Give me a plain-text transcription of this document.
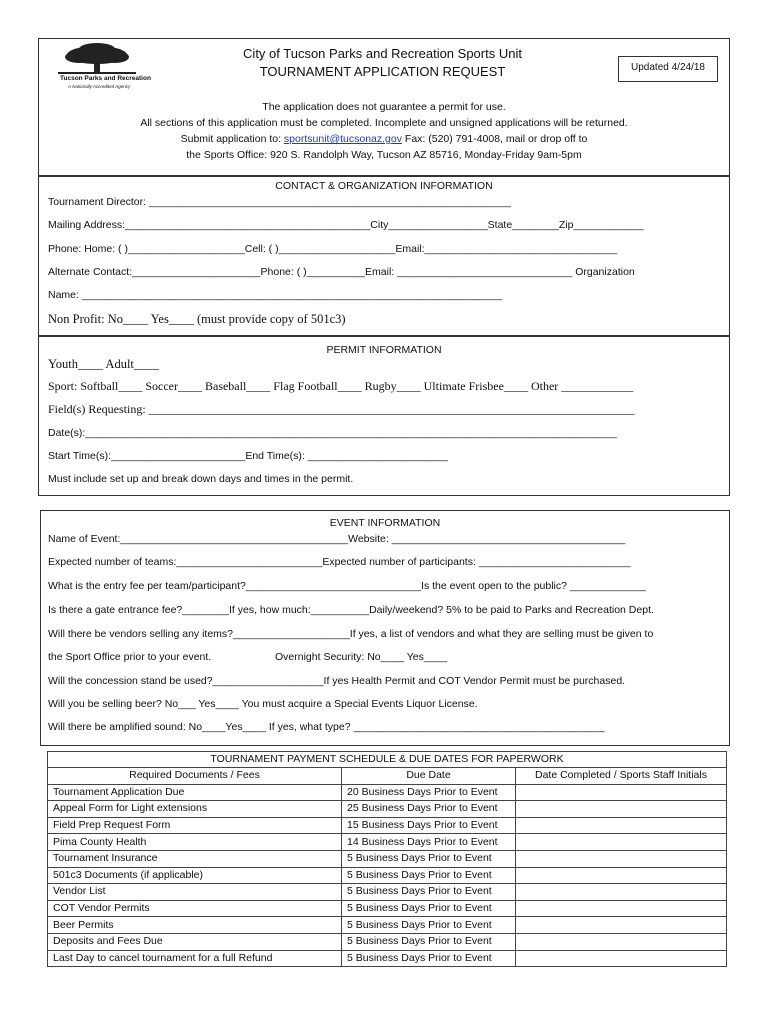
Tucson Parks and Recreation
A Nationally Accredited Agency
City of Tucson Parks and Recreation Sports Unit
TOURNAMENT APPLICATION REQUEST	Updated 4/24/18
The application does not guarantee a permit for use.
All sections of this application must be completed. Incomplete and unsigned applications will be returned.
Submit application to: sportsunit@tucsonaz.gov Fax: (520) 791-4008, mail or drop off to
the Sports Office: 920 S. Randolph Way, Tucson AZ 85716, Monday-Friday 9am-5pm
CONTACT & ORGANIZATION INFORMATION
Tournament Director: ______________________________________________________________
Mailing Address:__________________________________________City_________________State________Zip____________
Phone: Home: ( )____________________Cell: ( )____________________Email:_________________________________
Alternate Contact:______________________Phone: ( )__________Email: ______________________________ Organization
Name: ________________________________________________________________________
Non Profit: No____ Yes____ (must provide copy of 501c3)
PERMIT INFORMATION
Youth____ Adult____
Sport: Softball____ Soccer____ Baseball____ Flag Football____ Rugby____ Ultimate Frisbee____ Other ____________
Field(s) Requesting: _________________________________________________________________________________
Date(s):___________________________________________________________________________________________
Start Time(s):_______________________End Time(s): ________________________
Must include set up and break down days and times in the permit.
EVENT INFORMATION
Name of Event:_______________________________________Website: ________________________________________
Expected number of teams:_________________________Expected number of participants: __________________________
What is the entry fee per team/participant?______________________________Is the event open to the public? _____________
Is there a gate entrance fee?________If yes, how much:__________Daily/weekend? 5% to be paid to Parks and Recreation Dept.
Will there be vendors selling any items?____________________If yes, a list of vendors and what they are selling must be given to
the Sport Office prior to your event.	Overnight Security: No____ Yes____
Will the concession stand be used?___________________If yes Health Permit and COT Vendor Permit must be purchased.
Will you be selling beer? No___ Yes____ You must acquire a Special Events Liquor License.
Will there be amplified sound: No____Yes____ If yes, what type? ___________________________________________
TOURNAMENT PAYMENT SCHEDULE & DUE DATES FOR PAPERWORK		
Required Documents / Fees	Due Date	Date Completed / Sports Staff Initials
Tournament Application Due	20 Business Days Prior to Event	
Appeal Form for Light extensions	25 Business Days Prior to Event	
Field Prep Request Form	15 Business Days Prior to Event	
Pima County Health	14 Business Days Prior to Event	
Tournament Insurance	5 Business Days Prior to Event	
501c3 Documents (if applicable)	5 Business Days Prior to Event	
Vendor List	5 Business Days Prior to Event	
COT Vendor Permits	5 Business Days Prior to Event	
Beer Permits	5 Business Days Prior to Event	
Deposits and Fees Due	5 Business Days Prior to Event	
Last Day to cancel tournament for a full Refund	5 Business Days Prior to Event	
